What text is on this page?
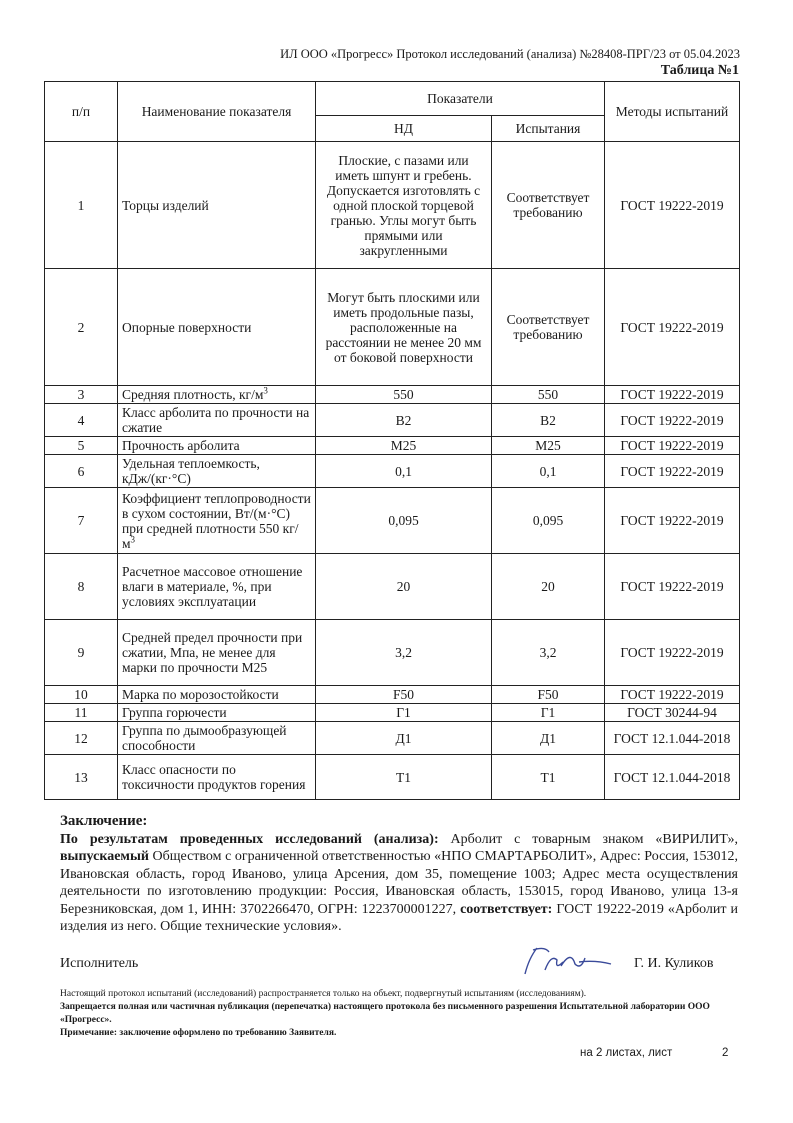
ИЛ ООО «Прогресс» Протокол исследований (анализа) №28408-ПРГ/23 от 05.04.2023
Таблица №1
п/п	Наименование показателя	Показатели		Методы испытаний
		НД	Испытания	
1	Торцы изделий	Плоские, с пазами или иметь шпунт и гребень. Допускается изготовлять с одной плоской торцевой гранью. Углы могут быть прямыми или закругленными	Соответствует требованию	ГОСТ 19222-2019
2	Опорные поверхности	Могут быть плоскими или иметь продольные пазы, расположенные на расстоянии не менее 20 мм от боковой поверхности	Соответствует требованию	ГОСТ 19222-2019
3	Средняя плотность, $кг/м^3$	550	550	ГОСТ 19222-2019
4	Класс арболита по прочности на сжатие	В2	В2	ГОСТ 19222-2019
5	Прочность арболита	М25	М25	ГОСТ 19222-2019
6	Удельная теплоемкость, кДж/(кг·°С)	0,1	0,1	ГОСТ 19222-2019
7	Коэффициент теплопроводности в сухом состоянии, Вт/(м·°С) при средней плотности 550 $кг/м^3$	0,095	0,095	ГОСТ 19222-2019
8	Расчетное массовое отношение влаги в материале, %, при условиях эксплуатации	20	20	ГОСТ 19222-2019
9	Средней предел прочности при сжатии, Мпа, не менее для марки по прочности М25	3,2	3,2	ГОСТ 19222-2019
10	Марка по морозостойкости	F50	F50	ГОСТ 19222-2019
11	Группа горючести	Г1	Г1	ГОСТ 30244-94
12	Группа по дымообразующей способности	Д1	Д1	ГОСТ 12.1.044-2018
13	Класс опасности по токсичности продуктов горения	Т1	Т1	ГОСТ 12.1.044-2018
Заключение:
По результатам проведенных исследований (анализа): Арболит с товарным знаком «ВИРИЛИТ», выпускаемый Обществом с ограниченной ответственностью «НПО СМАРТАРБОЛИТ», Адрес: Россия, 153012, Ивановская область, город Иваново, улица Арсения, дом 35, помещение 1003; Адрес места осуществления деятельности по изготовлению продукции: Россия, Ивановская область, 153015, город Иваново, улица 13-я Березниковская, дом 1, ИНН: 3702266470, ОГРН: 1223700001227, соответствует: ГОСТ 19222-2019 «Арболит и изделия из него. Общие технические условия».
Исполнитель	Г. И. Куликов
Настоящий протокол испытаний (исследований) распространяется только на объект, подвергнутый испытаниям (исследованиям).
Запрещается полная или частичная публикация (перепечатка) настоящего протокола без письменного разрешения Испытательной лаборатории ООО «Прогресс».
Примечание: заключение оформлено по требованию Заявителя.
на 2 листах, лист	2
